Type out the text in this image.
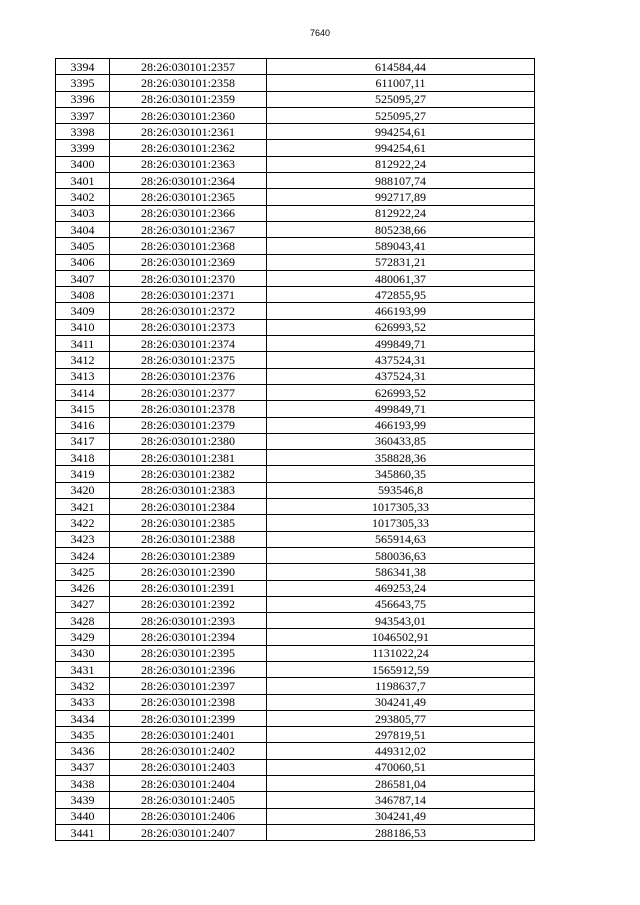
7640
3394	28:26:030101:2357	614584,44
3395	28:26:030101:2358	611007,11
3396	28:26:030101:2359	525095,27
3397	28:26:030101:2360	525095,27
3398	28:26:030101:2361	994254,61
3399	28:26:030101:2362	994254,61
3400	28:26:030101:2363	812922,24
3401	28:26:030101:2364	988107,74
3402	28:26:030101:2365	992717,89
3403	28:26:030101:2366	812922,24
3404	28:26:030101:2367	805238,66
3405	28:26:030101:2368	589043,41
3406	28:26:030101:2369	572831,21
3407	28:26:030101:2370	480061,37
3408	28:26:030101:2371	472855,95
3409	28:26:030101:2372	466193,99
3410	28:26:030101:2373	626993,52
3411	28:26:030101:2374	499849,71
3412	28:26:030101:2375	437524,31
3413	28:26:030101:2376	437524,31
3414	28:26:030101:2377	626993,52
3415	28:26:030101:2378	499849,71
3416	28:26:030101:2379	466193,99
3417	28:26:030101:2380	360433,85
3418	28:26:030101:2381	358828,36
3419	28:26:030101:2382	345860,35
3420	28:26:030101:2383	593546,8
3421	28:26:030101:2384	1017305,33
3422	28:26:030101:2385	1017305,33
3423	28:26:030101:2388	565914,63
3424	28:26:030101:2389	580036,63
3425	28:26:030101:2390	586341,38
3426	28:26:030101:2391	469253,24
3427	28:26:030101:2392	456643,75
3428	28:26:030101:2393	943543,01
3429	28:26:030101:2394	1046502,91
3430	28:26:030101:2395	1131022,24
3431	28:26:030101:2396	1565912,59
3432	28:26:030101:2397	1198637,7
3433	28:26:030101:2398	304241,49
3434	28:26:030101:2399	293805,77
3435	28:26:030101:2401	297819,51
3436	28:26:030101:2402	449312,02
3437	28:26:030101:2403	470060,51
3438	28:26:030101:2404	286581,04
3439	28:26:030101:2405	346787,14
3440	28:26:030101:2406	304241,49
3441	28:26:030101:2407	288186,53
